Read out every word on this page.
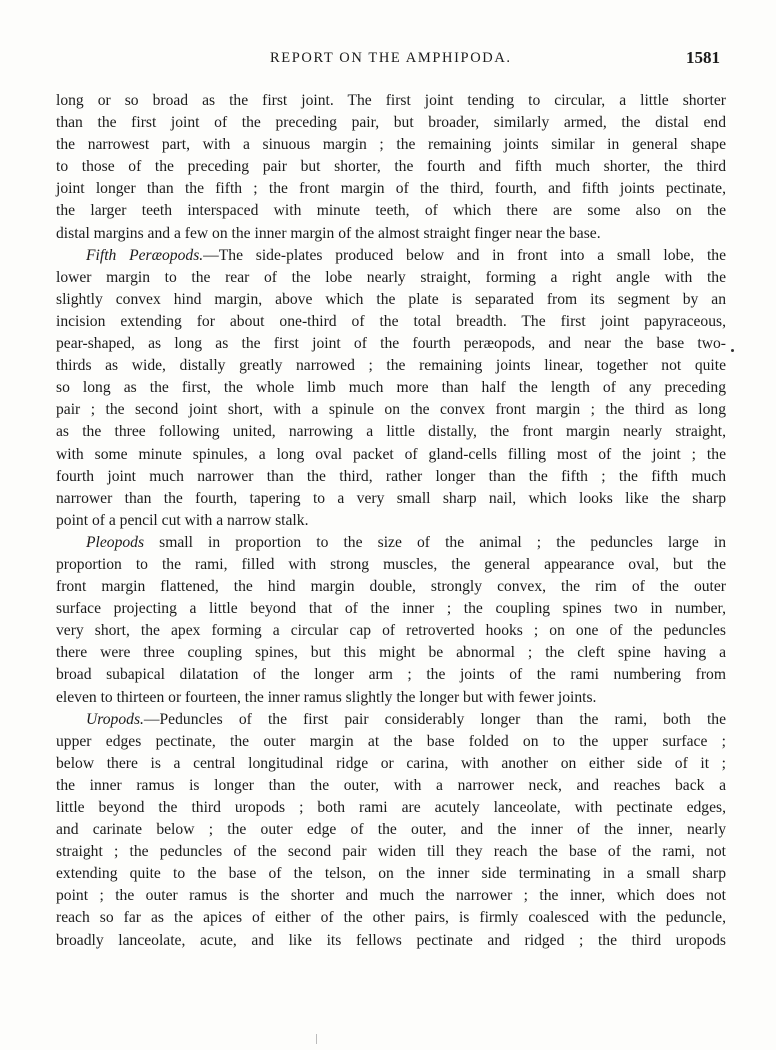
REPORT ON THE AMPHIPODA.	1581
long or so broad as the first joint. The first joint tending to circular, a little shorter
than the first joint of the preceding pair, but broader, similarly armed, the distal end
the narrowest part, with a sinuous margin ; the remaining joints similar in general shape
to those of the preceding pair but shorter, the fourth and fifth much shorter, the third
joint longer than the fifth ; the front margin of the third, fourth, and fifth joints pectinate,
the larger teeth interspaced with minute teeth, of which there are some also on the
distal margins and a few on the inner margin of the almost straight finger near the base.
Fifth Peræopods.—The side-plates produced below and in front into a small lobe, the
lower margin to the rear of the lobe nearly straight, forming a right angle with the
slightly convex hind margin, above which the plate is separated from its segment by an
incision extending for about one-third of the total breadth. The first joint papyraceous,
pear-shaped, as long as the first joint of the fourth peræopods, and near the base two-
thirds as wide, distally greatly narrowed ; the remaining joints linear, together not quite
so long as the first, the whole limb much more than half the length of any preceding
pair ; the second joint short, with a spinule on the convex front margin ; the third as long
as the three following united, narrowing a little distally, the front margin nearly straight,
with some minute spinules, a long oval packet of gland-cells filling most of the joint ; the
fourth joint much narrower than the third, rather longer than the fifth ; the fifth much
narrower than the fourth, tapering to a very small sharp nail, which looks like the sharp
point of a pencil cut with a narrow stalk.
Pleopods small in proportion to the size of the animal ; the peduncles large in
proportion to the rami, filled with strong muscles, the general appearance oval, but the
front margin flattened, the hind margin double, strongly convex, the rim of the outer
surface projecting a little beyond that of the inner ; the coupling spines two in number,
very short, the apex forming a circular cap of retroverted hooks ; on one of the peduncles
there were three coupling spines, but this might be abnormal ; the cleft spine having a
broad subapical dilatation of the longer arm ; the joints of the rami numbering from
eleven to thirteen or fourteen, the inner ramus slightly the longer but with fewer joints.
Uropods.—Peduncles of the first pair considerably longer than the rami, both the
upper edges pectinate, the outer margin at the base folded on to the upper surface ;
below there is a central longitudinal ridge or carina, with another on either side of it ;
the inner ramus is longer than the outer, with a narrower neck, and reaches back a
little beyond the third uropods ; both rami are acutely lanceolate, with pectinate edges,
and carinate below ; the outer edge of the outer, and the inner of the inner, nearly
straight ; the peduncles of the second pair widen till they reach the base of the rami, not
extending quite to the base of the telson, on the inner side terminating in a small sharp
point ; the outer ramus is the shorter and much the narrower ; the inner, which does not
reach so far as the apices of either of the other pairs, is firmly coalesced with the peduncle,
broadly lanceolate, acute, and like its fellows pectinate and ridged ; the third uropods
